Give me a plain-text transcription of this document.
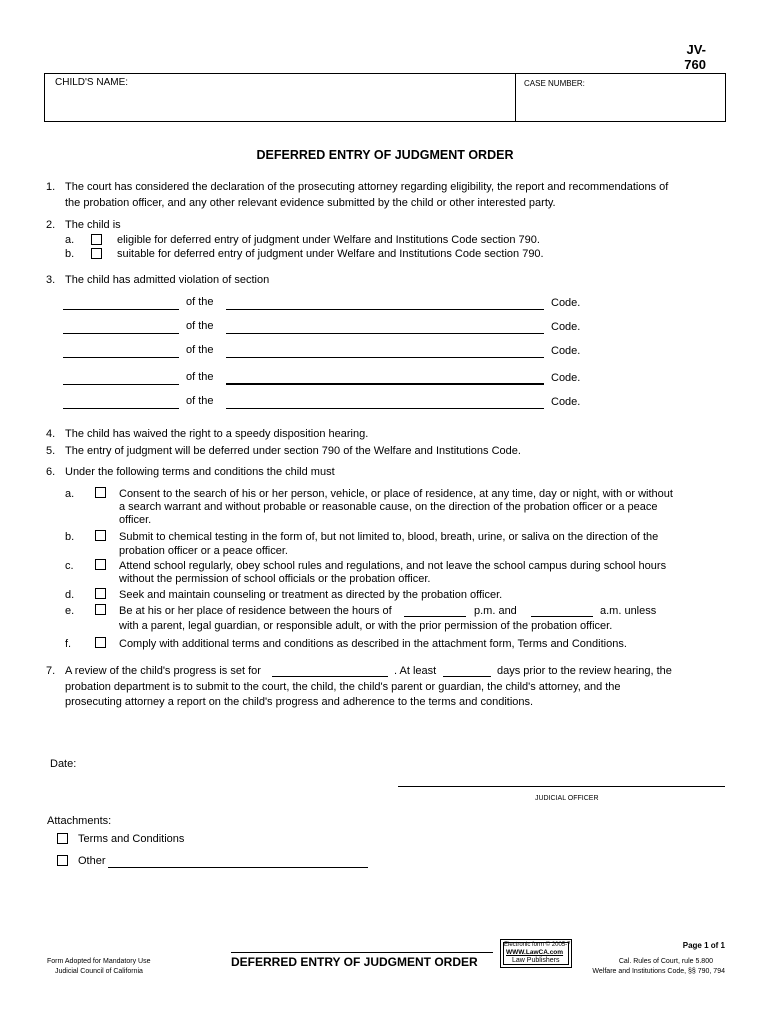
JV-
760
CHILD'S NAME:	CASE NUMBER:
DEFERRED ENTRY OF JUDGMENT ORDER
1. The court has considered the declaration of the prosecuting attorney regarding eligibility, the report and recommendations of
the probation officer, and any other relevant evidence submitted by the child or other interested party.
2. The child is
a.	eligible for deferred entry of judgment under Welfare and Institutions Code section 790.
b.	suitable for deferred entry of judgment under Welfare and Institutions Code section 790.
3. The child has admitted violation of section
of the	Code.
of the	Code.
of the	Code.
of the	Code.
of the	Code.
4. The child has waived the right to a speedy disposition hearing.
5. The entry of judgment will be deferred under section 790 of the Welfare and Institutions Code.
6. Under the following terms and conditions the child must
a.	Consent to the search of his or her person, vehicle, or place of residence, at any time, day or night, with or without
a search warrant and without probable or reasonable cause, on the direction of the probation officer or a peace
officer.
b.	Submit to chemical testing in the form of, but not limited to, blood, breath, urine, or saliva on the direction of the
probation officer or a peace officer.
c.	Attend school regularly, obey school rules and regulations, and not leave the school campus during school hours
without the permission of school officials or the probation officer.
d.	Seek and maintain counseling or treatment as directed by the probation officer.
e.	Be at his or her place of residence between the hours of	p.m. and	a.m. unless
with a parent, legal guardian, or responsible adult, or with the prior permission of the probation officer.
f.	Comply with additional terms and conditions as described in the attachment form, Terms and Conditions.
7. A review of the child's progress is set for	. At least	days prior to the review hearing, the
probation department is to submit to the court, the child, the child's parent or guardian, the child's attorney, and the
prosecuting attorney a report on the child's progress and adherence to the terms and conditions.
Date:
JUDICIAL OFFICER
Attachments:
Terms and Conditions
Other
Form Adopted for Mandatory Use
Judicial Council of California
DEFERRED ENTRY OF JUDGMENT ORDER
Electronic form © 2005-7
WWW.LawCA.com
Law Publishers
Page 1 of 1
Cal. Rules of Court, rule 5.800
Welfare and Institutions Code, §§ 790, 794
